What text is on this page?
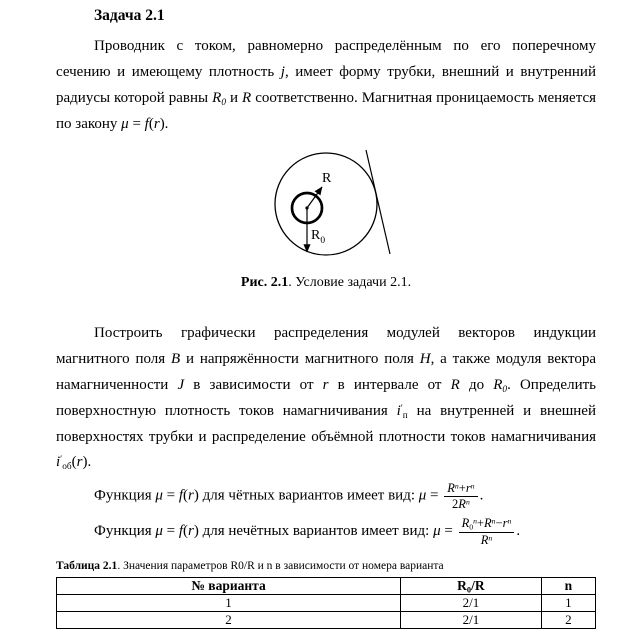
Задача 2.1

Проводник с током, равномерно распределённым по его поперечному сечению и имеющему плотность j, имеет форму трубки, внешний и внутренний радиусы которой равны R0 и R соответственно. Магнитная проницаемость меняется по закону μ = f(r).

R
$R_0$
Рис. 2.1. Условие задачи 2.1.

Построить графически распределения модулей векторов индукции магнитного поля B и напряжённости магнитного поля H, а также модуля вектора намагниченности J в зависимости от r в интервале от R до R0. Определить поверхностную плотность токов намагничивания i′п на внутренней и внешней поверхностях трубки и распределение объёмной плотности токов намагничивания i′об(r).

Функция μ = f(r) для чётных вариантов имеет вид: $\mu = \frac{R^n+r^n}{2R^n}$ .
Функция μ = f(r) для нечётных вариантов имеет вид: $\mu = \frac{R0^n+R^n-r^n}{R^n}$ .
Таблица 2.1. Значения параметров R0/R и n в зависимости от номера варианта
№ варианта	R0/R	n
1	2/1	1
2	2/1	2
